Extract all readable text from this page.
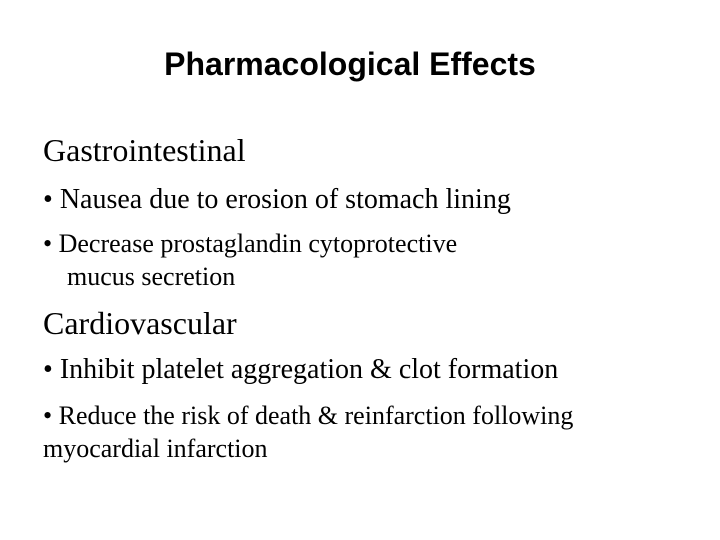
Pharmacological Effects
Gastrointestinal
• Nausea due to erosion of stomach lining
• Decrease prostaglandin cytoprotective
mucus secretion
Cardiovascular
• Inhibit platelet aggregation & clot formation
• Reduce the risk of death & reinfarction following
myocardial infarction
